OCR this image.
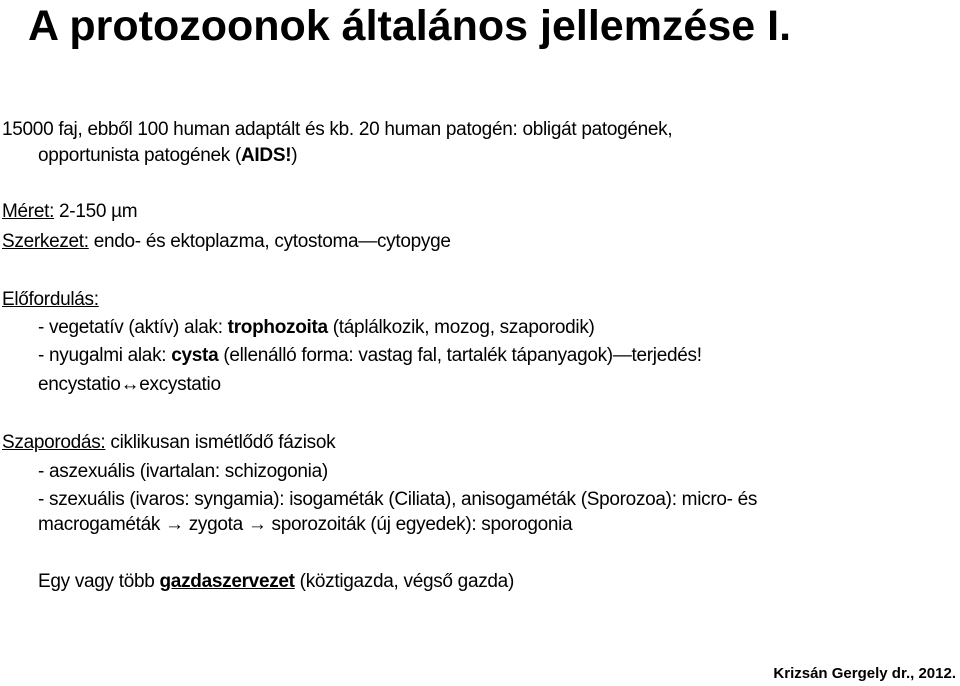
A protozoonok általános jellemzése I.
15000 faj, ebből 100 human adaptált és kb. 20 human patogén: obligát patogének,
opportunista patogének (AIDS!)
Méret: 2-150 µm
Szerkezet: endo- és ektoplazma, cytostoma—cytopyge
Előfordulás:
- vegetatív (aktív) alak: trophozoita (táplálkozik, mozog, szaporodik)
- nyugalmi alak: cysta (ellenálló forma: vastag fal, tartalék tápanyagok)—terjedés!
encystatio↔excystatio
Szaporodás: ciklikusan ismétlődő fázisok
- aszexuális (ivartalan: schizogonia)
- szexuális (ivaros: syngamia): isogaméták (Ciliata), anisogaméták (Sporozoa): micro- és
macrogaméták → zygota → sporozoiták (új egyedek): sporogonia
Egy vagy több gazdaszervezet (köztigazda, végső gazda)
Krizsán Gergely dr., 2012.
